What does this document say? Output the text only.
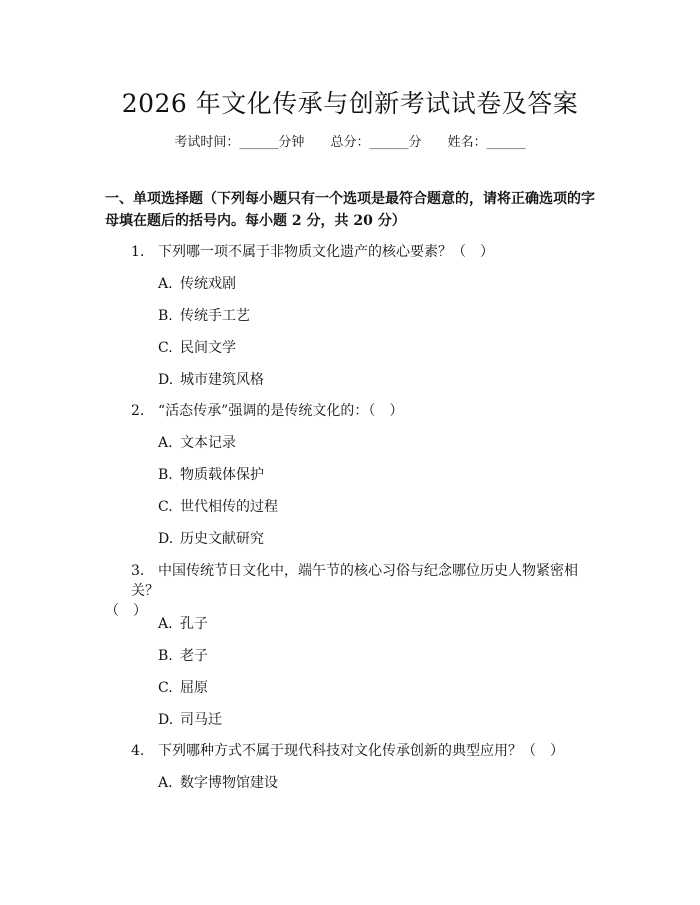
2026 年文化传承与创新考试试卷及答案
考试时间：______分钟 总分：______分 姓名：______
一、单项选择题（下列每小题只有一个选项是最符合题意的，请将正确选项的字
母填在题后的括号内。每小题 2 分，共 20 分）
1. 下列哪一项不属于非物质文化遗产的核心要素？（　）
A. 传统戏剧
B. 传统手工艺
C. 民间文学
D. 城市建筑风格
2. “活态传承”强调的是传统文化的：（　）
A. 文本记录
B. 物质载体保护
C. 世代相传的过程
D. 历史文献研究
3. 中国传统节日文化中，端午节的核心习俗与纪念哪位历史人物紧密相关？
（　）
A. 孔子
B. 老子
C. 屈原
D. 司马迁
4. 下列哪种方式不属于现代科技对文化传承创新的典型应用？（　）
A. 数字博物馆建设
